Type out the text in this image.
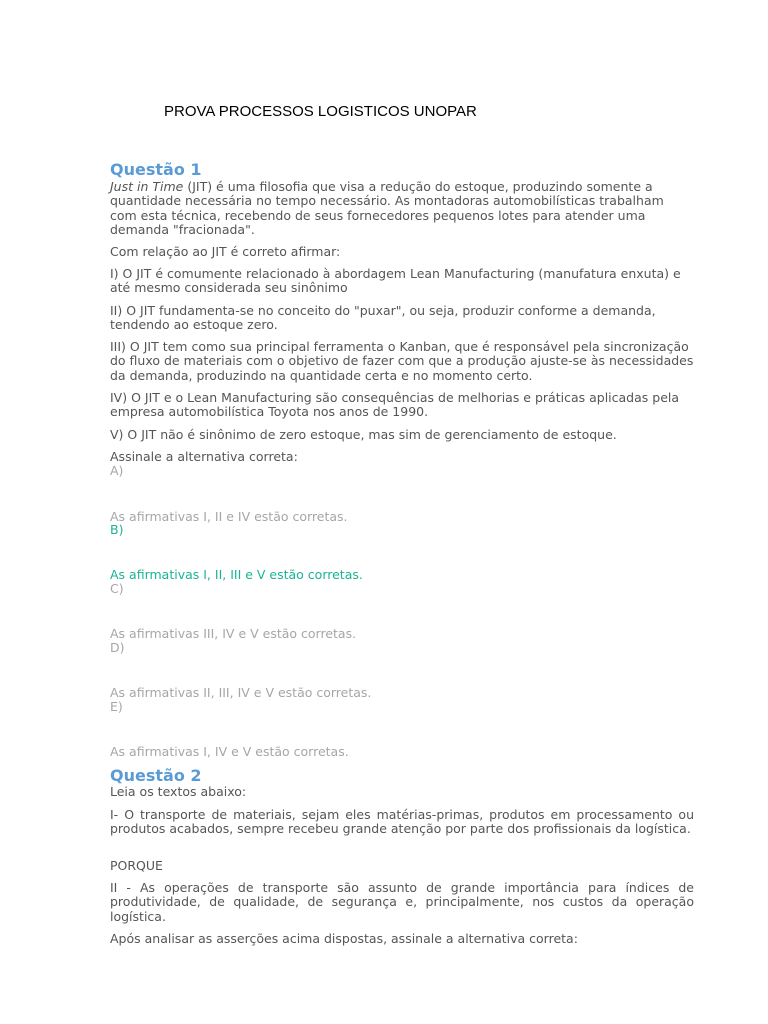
PROVA PROCESSOS LOGISTICOS UNOPAR
Questão 1

Just in Time (JIT) é uma filosofia que visa a redução do estoque, produzindo somente a quantidade necessária no tempo necessário. As montadoras automobilísticas trabalham com esta técnica, recebendo de seus fornecedores pequenos lotes para atender uma demanda "fracionada".

Com relação ao JIT é correto afirmar:

I) O JIT é comumente relacionado à abordagem Lean Manufacturing (manufatura enxuta) e até mesmo considerada seu sinônimo

II) O JIT fundamenta-se no conceito do "puxar", ou seja, produzir conforme a demanda, tendendo ao estoque zero.

III) O JIT tem como sua principal ferramenta o Kanban, que é responsável pela sincronização do fluxo de materiais com o objetivo de fazer com que a produção ajuste-se às necessidades da demanda, produzindo na quantidade certa e no momento certo.

IV) O JIT e o Lean Manufacturing são consequências de melhorias e práticas aplicadas pela empresa automobilística Toyota nos anos de 1990.

V) O JIT não é sinônimo de zero estoque, mas sim de gerenciamento de estoque.

Assinale a alternativa correta:

A)
As afirmativas I, II e IV estão corretas.
B)
As afirmativas I, II, III e V estão corretas.
C)
As afirmativas III, IV e V estão corretas.
D)
As afirmativas II, III, IV e V estão corretas.
E)
As afirmativas I, IV e V estão corretas.
Questão 2

Leia os textos abaixo:

I- O transporte de materiais, sejam eles matérias-primas, produtos em processamento ou produtos acabados, sempre recebeu grande atenção por parte dos profissionais da logística.

PORQUE

II - As operações de transporte são assunto de grande importância para índices de produtividade, de qualidade, de segurança e, principalmente, nos custos da operação logística.

Após analisar as asserções acima dispostas, assinale a alternativa correta:
